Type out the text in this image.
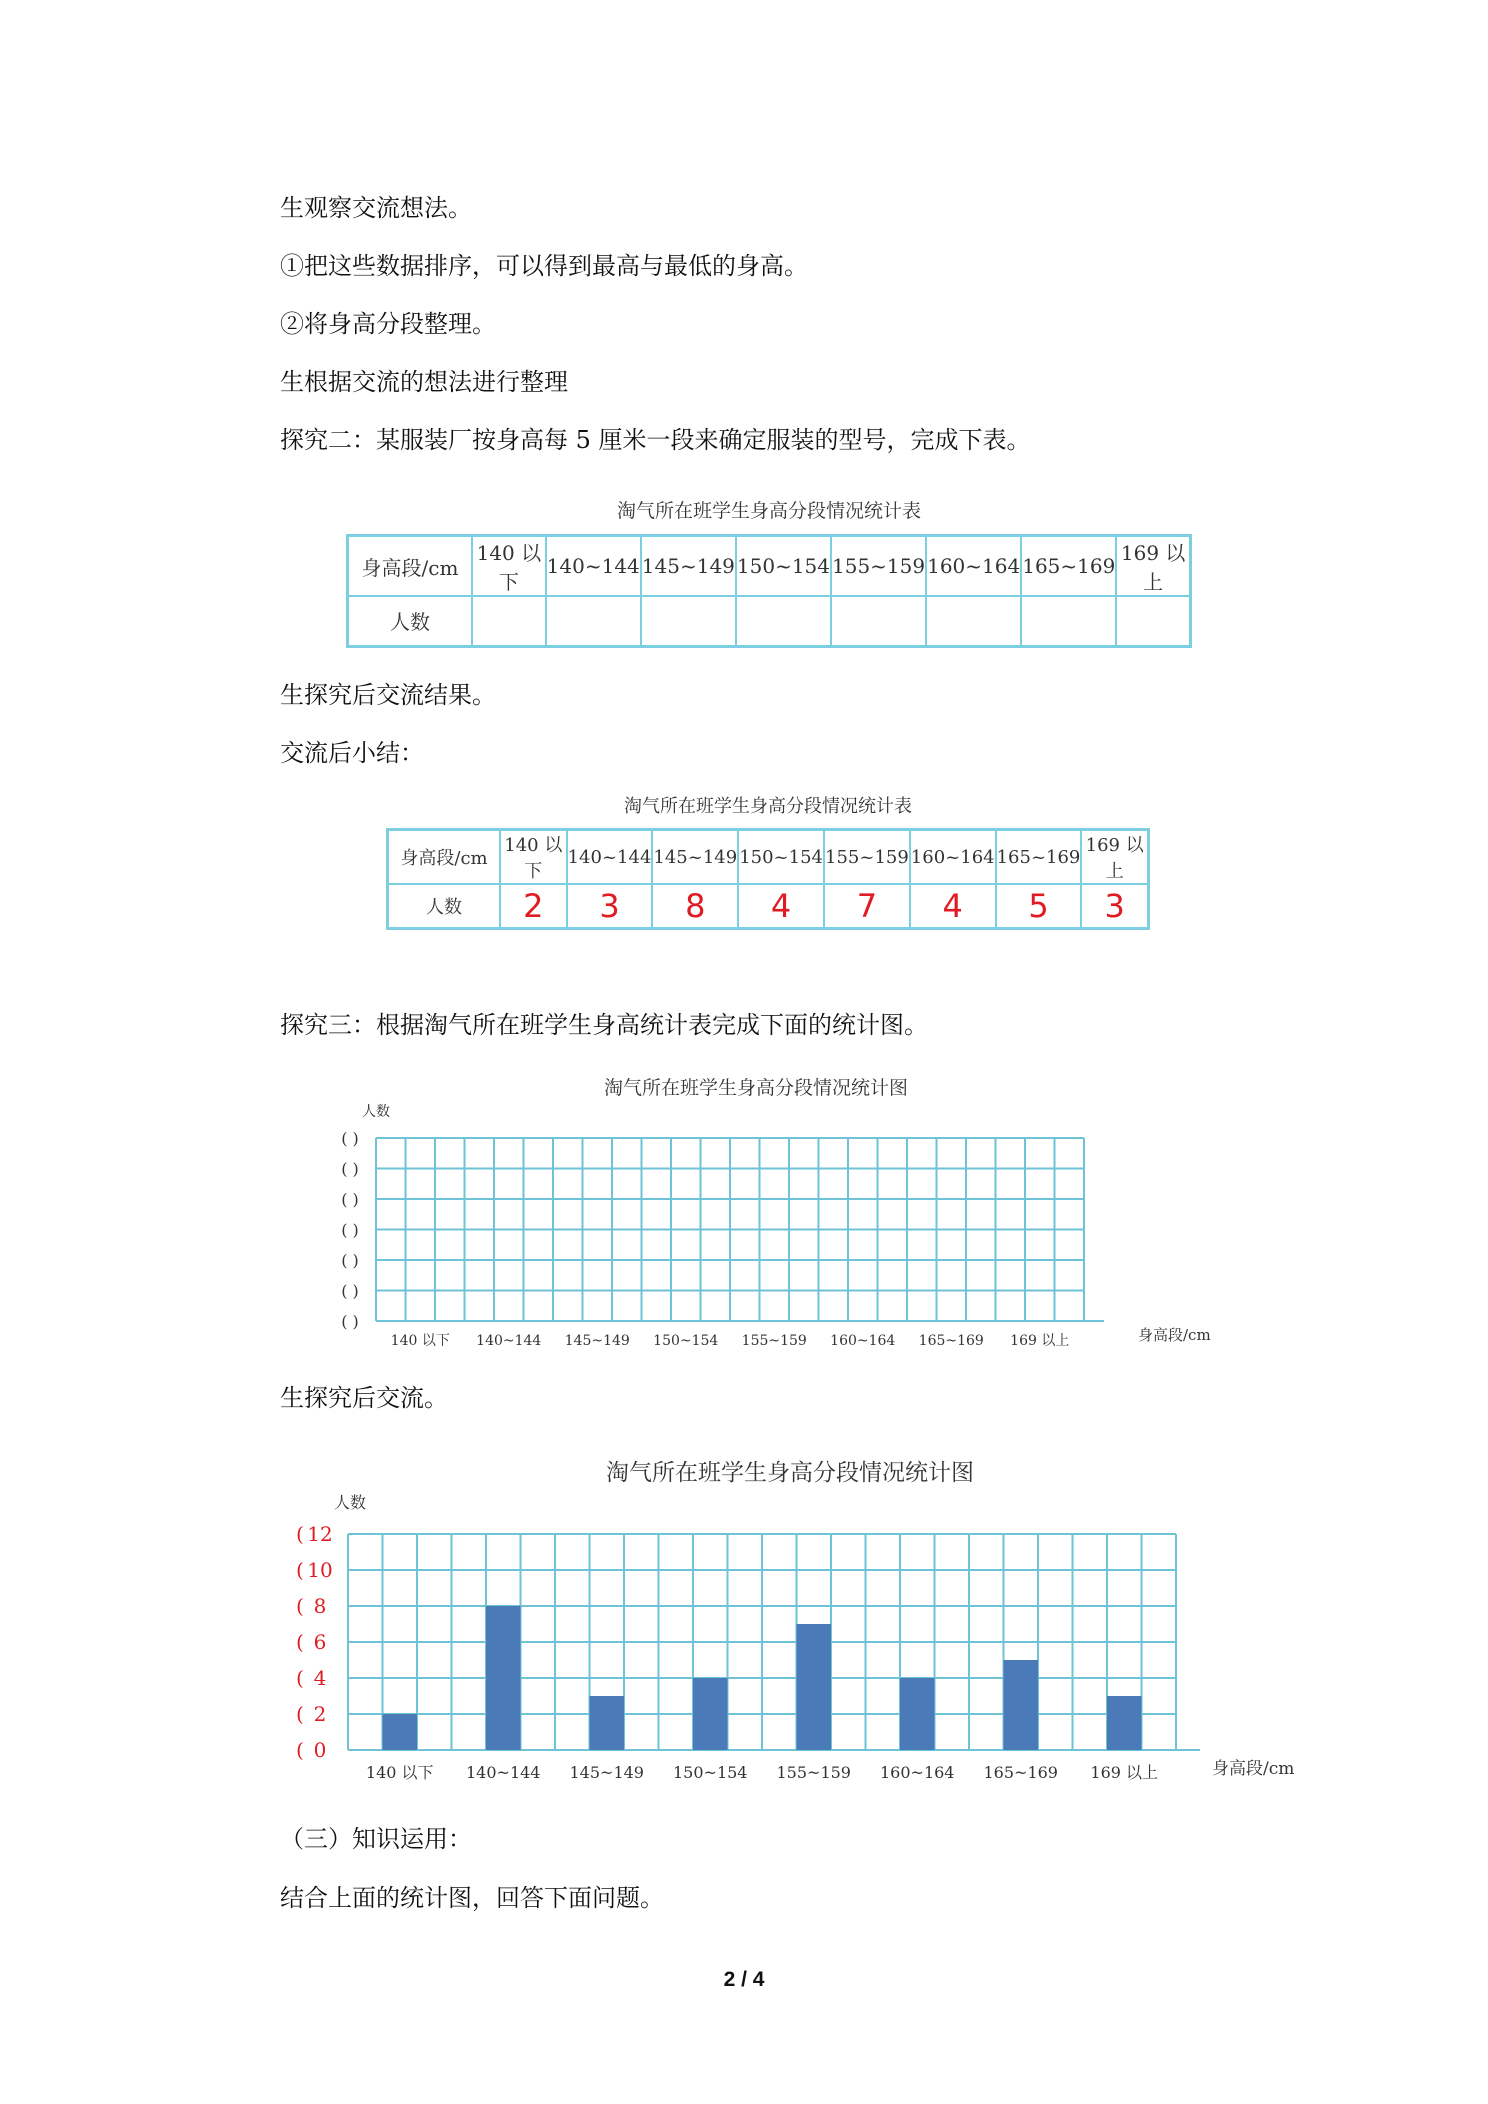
生观察交流想法。
①把这些数据排序，可以得到最高与最低的身高。
②将身高分段整理。
生根据交流的想法进行整理
探究二：某服装厂按身高每 5 厘米一段来确定服装的型号，完成下表。
淘气所在班学生身高分段情况统计表
身高段/cm	140 以下	140~144	145~149	150~154	155~159	160~164	165~169	169 以上
人数								
生探究后交流结果。
交流后小结：
淘气所在班学生身高分段情况统计表
身高段/cm	140 以下	140~144	145~149	150~154	155~159	160~164	165~169	169 以上
人数	2	3	8	4	7	4	5	3
探究三：根据淘气所在班学生身高统计表完成下面的统计图。
淘气所在班学生身高分段情况统计图
人数
( )
( )
( )
( )
( )
( )
( )
140 以下 140~144 145~149 150~154 155~159 160~164 165~169 169 以上	身高段/cm
生探究后交流。
淘气所在班学生身高分段情况统计图
人数
0
(
2
(
4
(
6
(
8
(
10
(
12
(
140 以下 140~144 145~149 150~154 155~159 160~164 165~169 169 以上	身高段/cm
（三）知识运用：
结合上面的统计图，回答下面问题。
2 / 4
